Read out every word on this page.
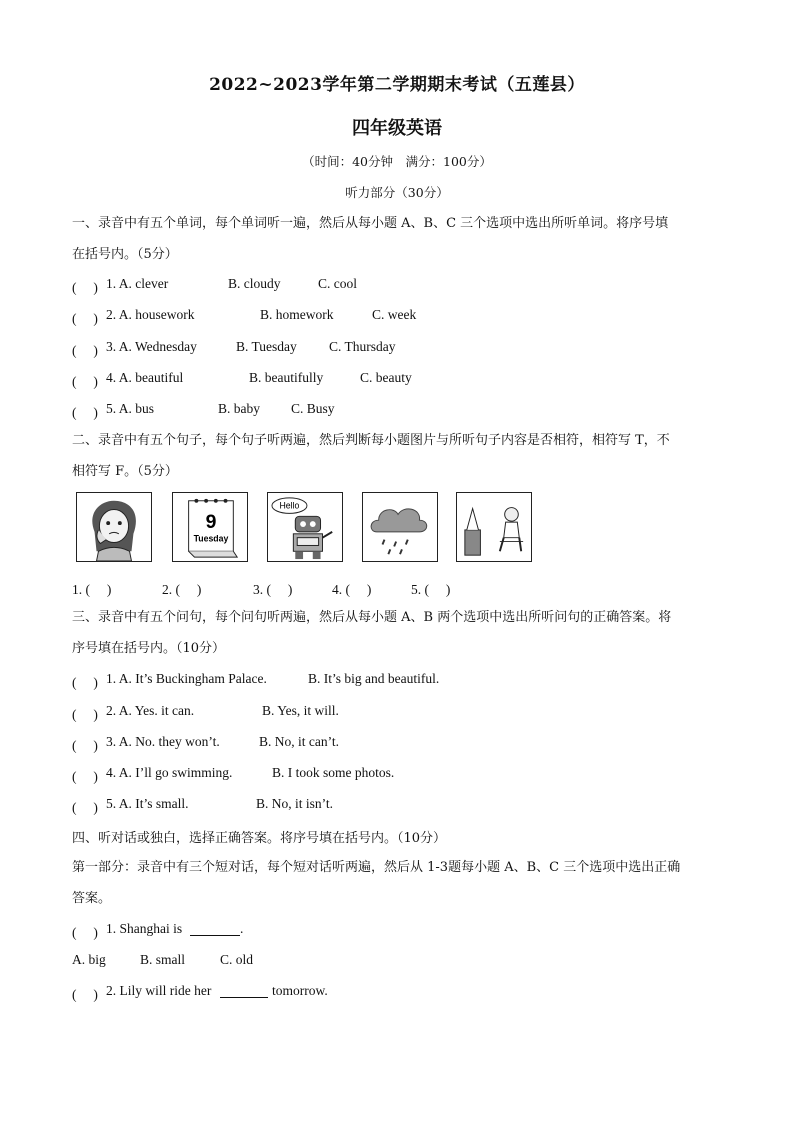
2022~2023学年第二学期期末考试（五莲县）
四年级英语
（时间：40分钟　满分：100分）
听力部分（30分）
一、录音中有五个单词，每个单词听一遍，然后从每小题 A、B、C 三个选项中选出所听单词。将序号填
在括号内。（5分）
(　 ) 1. A. clever	B. cloudy	C. cool
(　 ) 2. A. housework	B. homework	C. week
(　 ) 3. A. Wednesday	B. Tuesday C. Thursday
(　 ) 4. A. beautiful	B. beautifully	C. beauty
(　 ) 5. A. bus	B. baby C. Busy
二、录音中有五个句子，每个句子听两遍，然后判断每小题图片与所听句子内容是否相符，相符写 T，不
相符写 F。（5分）
9
Tuesday
Hello
1. (　 )	2. (　 )	3. (　 )	4. (　 )	5. (　 )
三、录音中有五个问句，每个问句听两遍，然后从每小题 A、B 两个选项中选出所听问句的正确答案。将
序号填在括号内。（10分）
(　 ) 1. A. It’s Buckingham Palace.	B. It’s big and beautiful.
(　 ) 2. A. Yes. it can.	B. Yes, it will.
(　 ) 3. A. No. they won’t.	B. No, it can’t.
(　 ) 4. A. I’ll go swimming.	B. I took some photos.
(　 ) 5. A. It’s small.	B. No, it isn’t.
四、听对话或独白，选择正确答案。将序号填在括号内。（10分）
第一部分：录音中有三个短对话，每个短对话听两遍，然后从 1-3题每小题 A、B、C 三个选项中选出正确
答案。
(　 ) 1. Shanghai is	.
A. big	B. small	C. old
(　 ) 2. Lily will ride her	tomorrow.
